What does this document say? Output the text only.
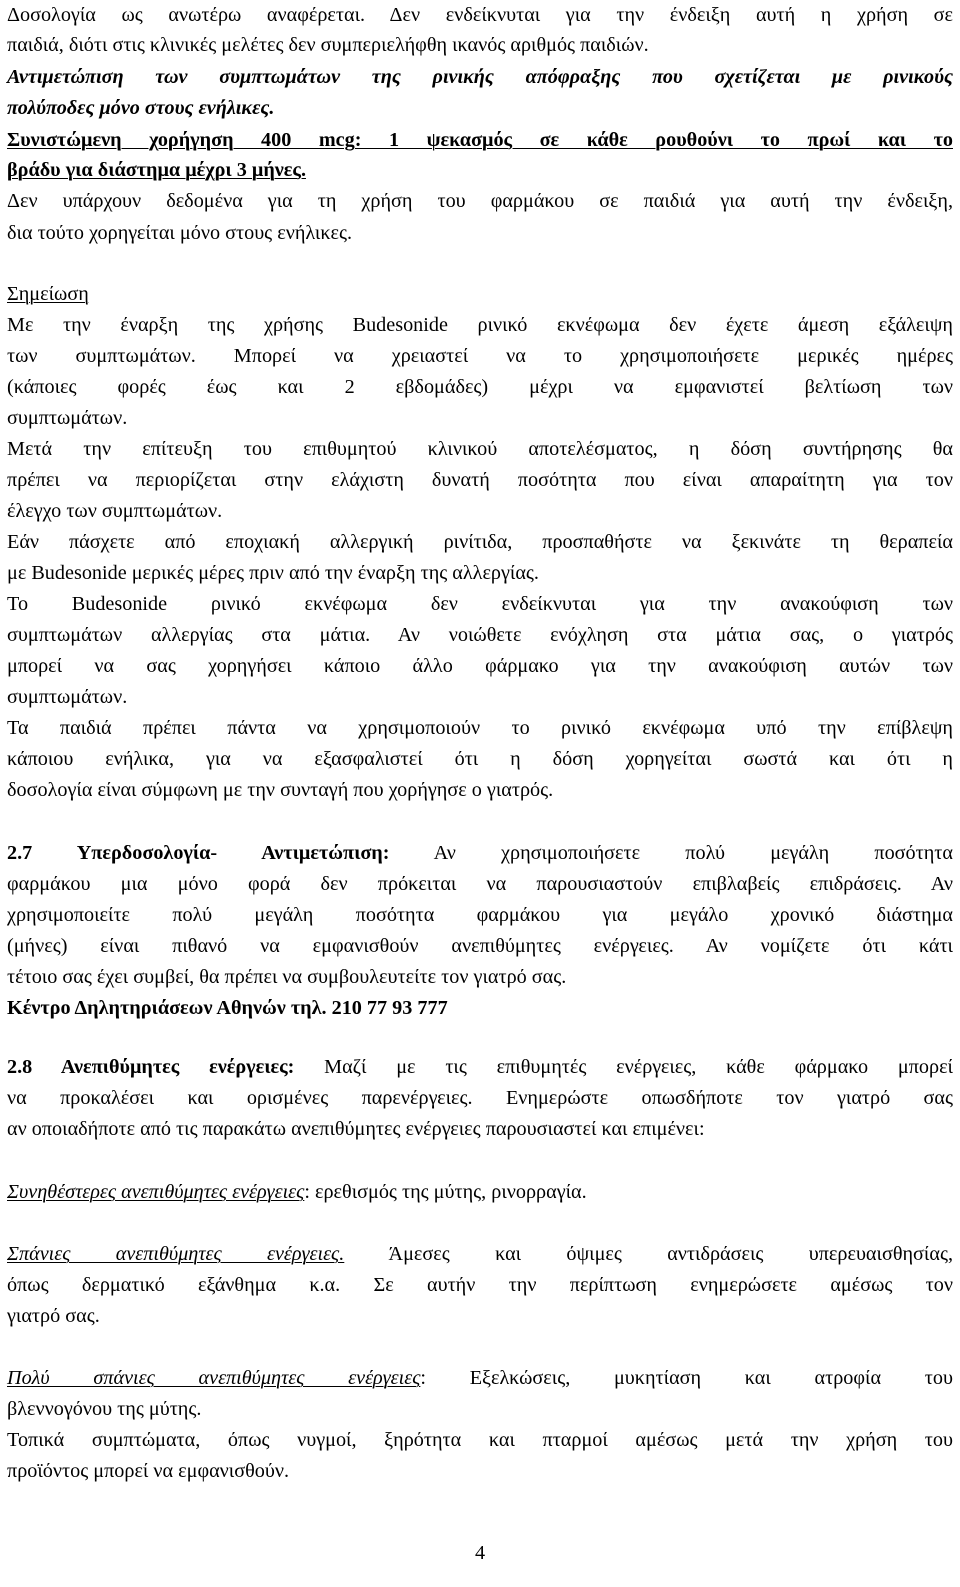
Δοσολογία ως ανωτέρω αναφέρεται. Δεν ενδείκνυται για την ένδειξη αυτή η χρήση σε
παιδιά, διότι στις κλινικές μελέτες δεν συμπεριελήφθη ικανός αριθμός παιδιών.
Αντιμετώπιση των συμπτωμάτων της ρινικής απόφραξης που σχετίζεται με ρινικούς
πολύποδες μόνο στους ενήλικες.
Συνιστώμενη χορήγηση 400 mcg: 1 ψεκασμός σε κάθε ρουθούνι το πρωί και το
βράδυ για διάστημα μέχρι 3 μήνες.
Δεν υπάρχουν δεδομένα για τη χρήση του φαρμάκου σε παιδιά για αυτή την ένδειξη,
δια τούτο χορηγείται μόνο στους ενήλικες.
Σημείωση
Με την έναρξη της χρήσης Budesonide ρινικό εκνέφωμα δεν έχετε άμεση εξάλειψη
των συμπτωμάτων. Μπορεί να χρειαστεί να το χρησιμοποιήσετε μερικές ημέρες
(κάποιες φορές έως και 2 εβδομάδες) μέχρι να εμφανιστεί βελτίωση των
συμπτωμάτων.
Μετά την επίτευξη του επιθυμητού κλινικού αποτελέσματος, η δόση συντήρησης θα
πρέπει να περιορίζεται στην ελάχιστη δυνατή ποσότητα που είναι απαραίτητη για τον
έλεγχο των συμπτωμάτων.
Εάν πάσχετε από εποχιακή αλλεργική ρινίτιδα, προσπαθήστε να ξεκινάτε τη θεραπεία
με Budesonide μερικές μέρες πριν από την έναρξη της αλλεργίας.
Το Budesonide ρινικό εκνέφωμα δεν ενδείκνυται για την ανακούφιση των
συμπτωμάτων αλλεργίας στα μάτια. Αν νοιώθετε ενόχληση στα μάτια σας, ο γιατρός
μπορεί να σας χορηγήσει κάποιο άλλο φάρμακο για την ανακούφιση αυτών των
συμπτωμάτων.
Τα παιδιά πρέπει πάντα να χρησιμοποιούν το ρινικό εκνέφωμα υπό την επίβλεψη
κάποιου ενήλικα, για να εξασφαλιστεί ότι η δόση χορηγείται σωστά και ότι η
δοσολογία είναι σύμφωνη με την συνταγή που χορήγησε ο γιατρός.
2.7 Υπερδοσολογία- Αντιμετώπιση: Αν χρησιμοποιήσετε πολύ μεγάλη ποσότητα
φαρμάκου μια μόνο φορά δεν πρόκειται να παρουσιαστούν επιβλαβείς επιδράσεις. Αν
χρησιμοποιείτε πολύ μεγάλη ποσότητα φαρμάκου για μεγάλο χρονικό διάστημα
(μήνες) είναι πιθανό να εμφανισθούν ανεπιθύμητες ενέργειες. Αν νομίζετε ότι κάτι
τέτοιο σας έχει συμβεί, θα πρέπει να συμβουλευτείτε τον γιατρό σας.
Κέντρο Δηλητηριάσεων Αθηνών τηλ. 210 77 93 777
2.8 Ανεπιθύμητες ενέργειες: Μαζί με τις επιθυμητές ενέργειες, κάθε φάρμακο μπορεί
να προκαλέσει και ορισμένες παρενέργειες. Ενημερώστε οπωσδήποτε τον γιατρό σας
αν οποιαδήποτε από τις παρακάτω ανεπιθύμητες ενέργειες παρουσιαστεί και επιμένει:
Συνηθέστερες ανεπιθύμητες ενέργειες: ερεθισμός της μύτης, ρινορραγία.
Σπάνιες ανεπιθύμητες ενέργειες. Άμεσες και όψιμες αντιδράσεις υπερευαισθησίας,
όπως δερματικό εξάνθημα κ.α. Σε αυτήν την περίπτωση ενημερώσετε αμέσως τον
γιατρό σας.
Πολύ σπάνιες ανεπιθύμητες ενέργειες: Εξελκώσεις, μυκητίαση και ατροφία του
βλεννογόνου της μύτης.
Τοπικά συμπτώματα, όπως νυγμοί, ξηρότητα και πταρμοί αμέσως μετά την χρήση του
προϊόντος μπορεί να εμφανισθούν.
4
